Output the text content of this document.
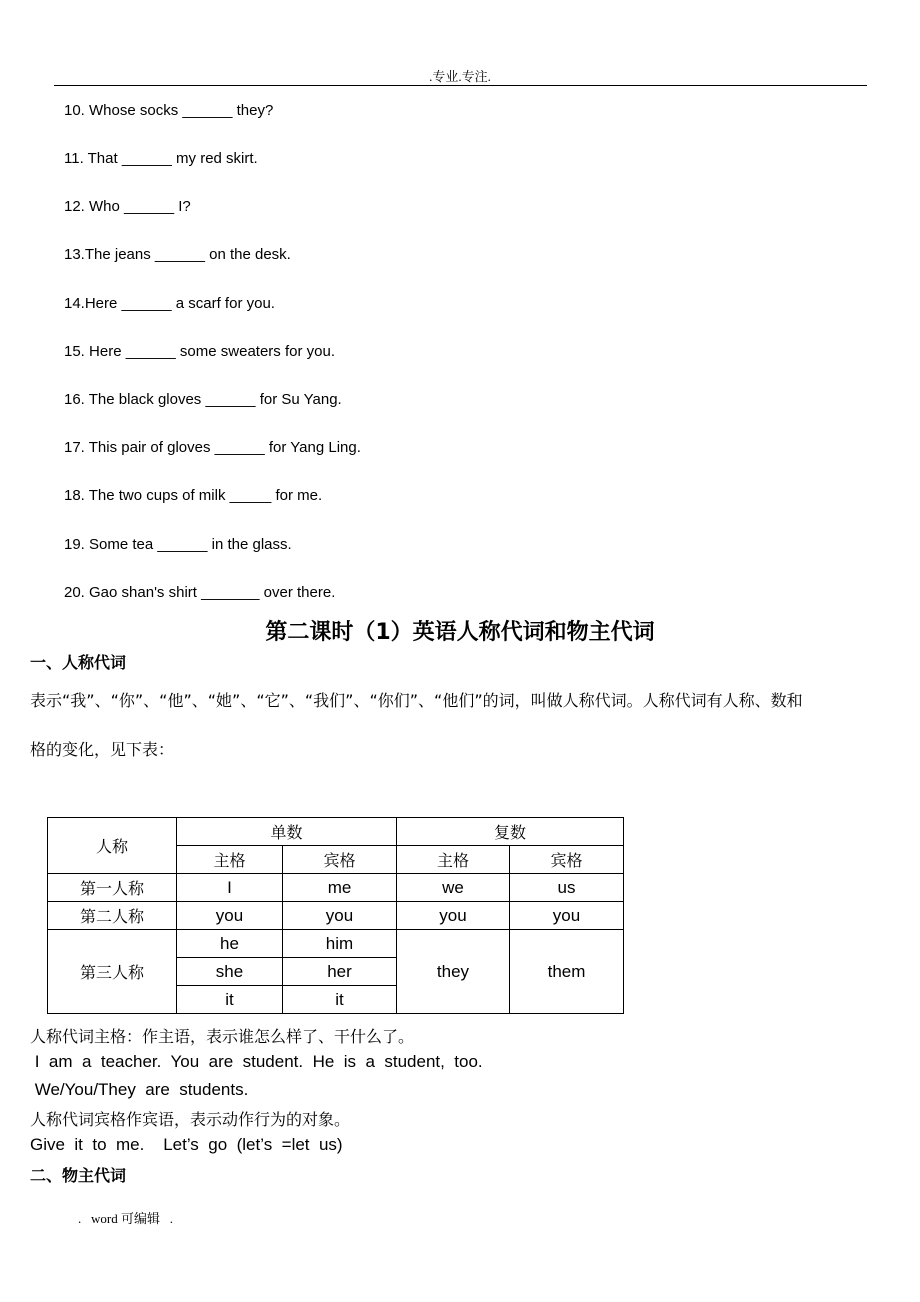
.专业.专注.
10. Whose socks ______ they?
11. That ______ my red skirt.
12. Who ______ I?
13.The jeans ______ on the desk.
14.Here ______ a scarf for you.
15. Here ______ some sweaters for you.
16. The black gloves ______ for Su Yang.
17. This pair of gloves ______ for Yang Ling.
18. The two cups of milk _____ for me.
19. Some tea ______ in the glass.
20. Gao shan's shirt _______ over there.
第二课时（1）英语人称代词和物主代词
一、人称代词
表示“我”、“你”、“他”、“她”、“它”、“我们”、“你们”、“他们”的词，叫做人称代词。人称代词有人称、数和
格的变化，见下表：
人称	单数		复数	
	主格	宾格	主格	宾格
第一人称	I	me	we	us
第二人称	you	you	you	you
第三人称	he	him	they	them
	she	her		
	it	it		
人称代词主格：作主语，表示谁怎么样了、干什么了。
I  am  a  teacher.  You  are  student.  He  is  a  student,  too.
We/You/They  are  students.
人称代词宾格作宾语，表示动作行为的对象。
Give  it  to  me.    Let’s  go  (let’s  =let  us)
二、物主代词
.   word 可编辑   .
